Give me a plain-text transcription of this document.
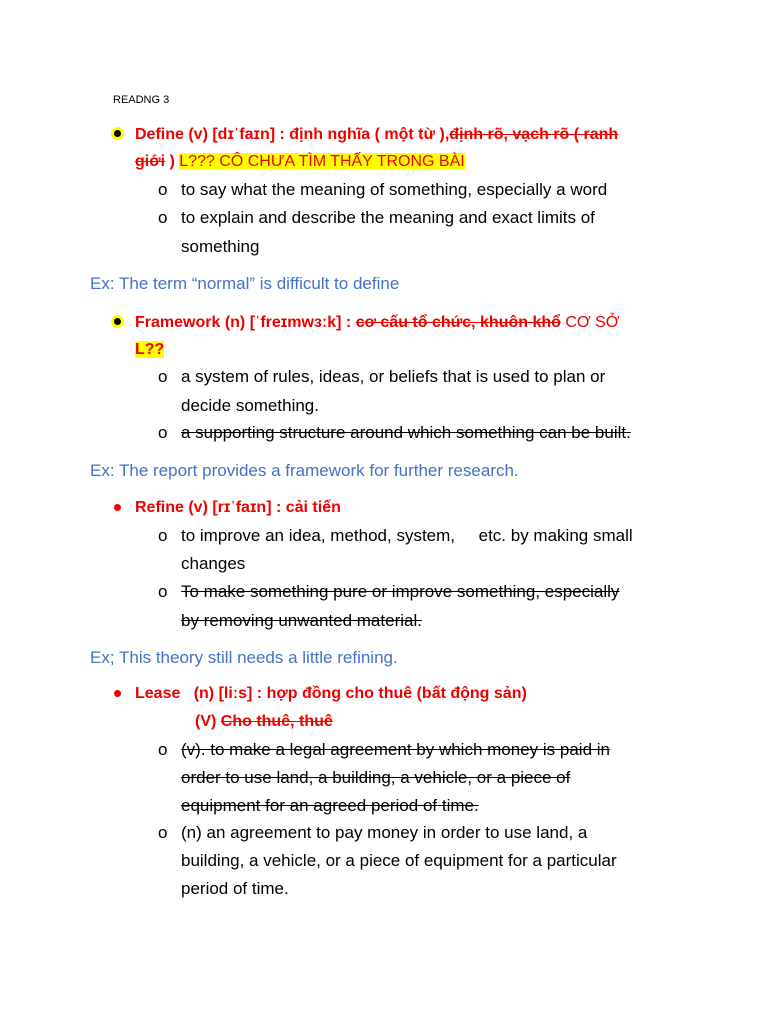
READNG 3
Define (v) [dɪˈfaɪn] : định nghĩa ( một từ ),định rõ, vạch rõ ( ranh
giới ) L??? CÔ CHƯA TÌM THẤY TRONG BÀI
o to say what the meaning of something, especially a word
o to explain and describe the meaning and exact limits of
something
Ex: The term “normal” is difficult to define
Framework (n) [ˈfreɪmwɜːk] : cơ cấu tổ chức, khuôn khổ CƠ SỞ
L??
o a system of rules, ideas, or beliefs that is used to plan or
decide something.
o a supporting structure around which something can be built.
Ex: The report provides a framework for further research.
Refine (v) [rɪˈfaɪn] : cải tiến
o to improve an idea, method, system,     etc. by making small
changes
o To make something pure or improve something, especially
by removing unwanted material.
Ex; This theory still needs a little refining.
Lease   (n) [liːs] : hợp đồng cho thuê (bất động sản)
(V) Cho thuê, thuê
o (v). to make a legal agreement by which money is paid in
order to use land, a building, a vehicle, or a piece of
equipment for an agreed period of time.
o (n) an agreement to pay money in order to use land, a
building, a vehicle, or a piece of equipment for a particular
period of time.
